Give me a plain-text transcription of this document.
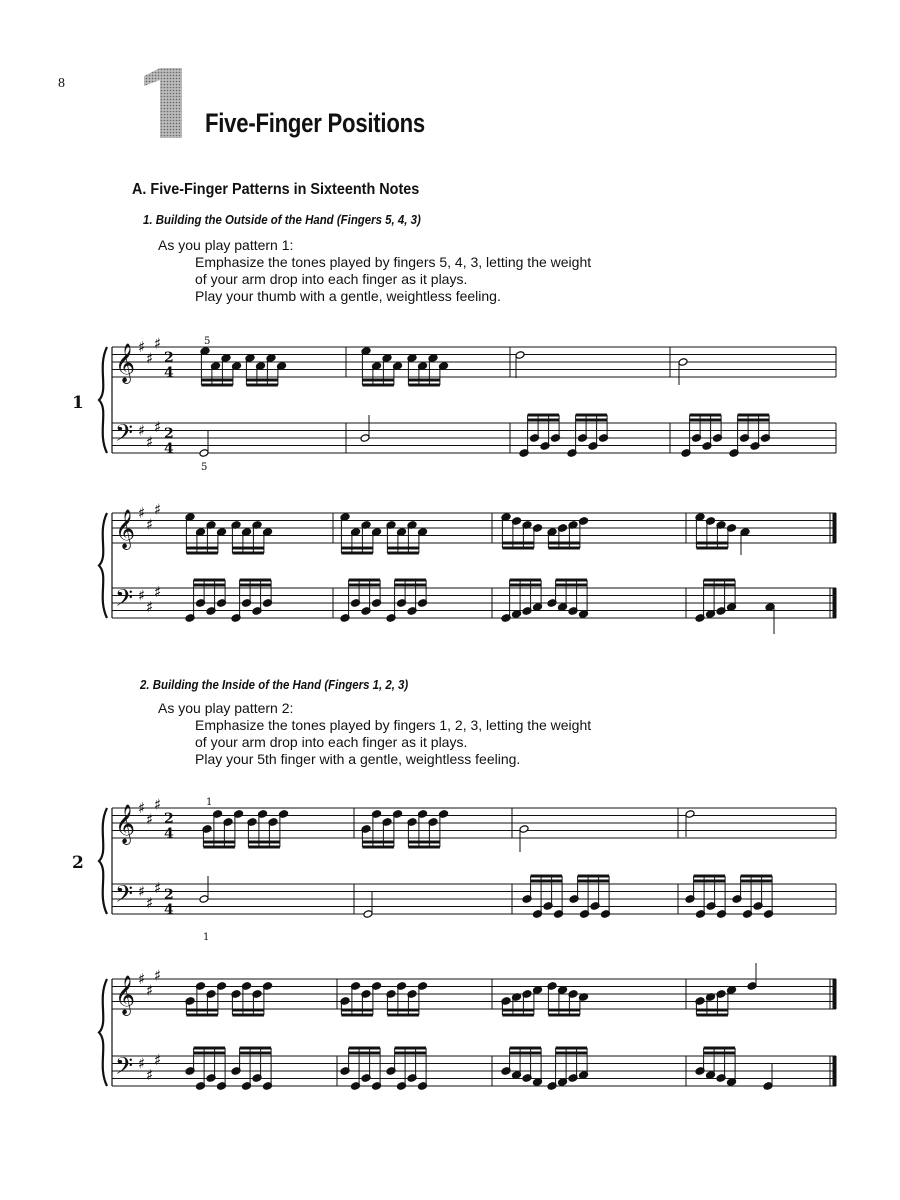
8
Five-Finger Positions
A. Five-Finger Patterns in Sixteenth Notes
1. Building the Outside of the Hand (Fingers 5, 4, 3)
As you play pattern 1:
Emphasize the tones played by fingers 5, 4, 3, letting the weight
of your arm drop into each finger as it plays.
Play your thumb with a gentle, weightless feeling.
2. Building the Inside of the Hand (Fingers 1, 2, 3)
As you play pattern 2:
Emphasize the tones played by fingers 1, 2, 3, letting the weight
of your arm drop into each finger as it plays.
Play your 5th finger with a gentle, weightless feeling.
𝄞
𝄢
♯
♯
♯
♯
♯
♯
2
4
2
4
5
5
1
𝄞
𝄢
♯
♯
♯
♯
♯
♯
𝄞
𝄢
♯
♯
♯
♯
♯
♯
2
4
2
4
1
1
2
𝄞
𝄢
♯
♯
♯
♯
♯
♯
